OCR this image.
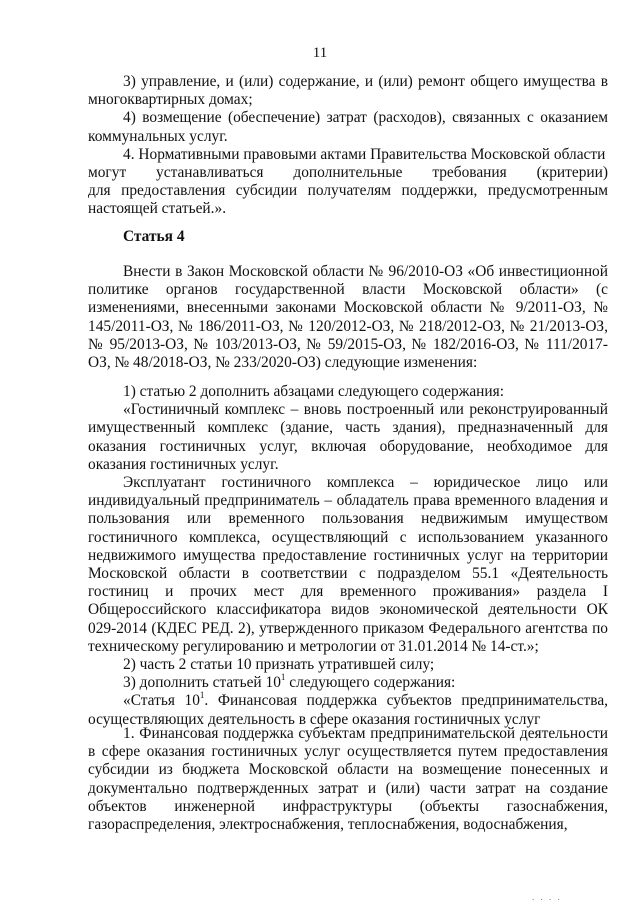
11
3) управление, и (или) содержание, и (или) ремонт общего имущества в многоквартирных домах;
4) возмещение (обеспечение) затрат (расходов), связанных с оказанием коммунальных услуг.
4. Нормативными правовыми актами Правительства Московской области
могут устанавливаться дополнительные требования (критерии)
для предоставления субсидии получателям поддержки, предусмотренным настоящей статьей.».
Статья 4
Внести в Закон Московской области № 96/2010-ОЗ «Об инвестиционной политике органов государственной власти Московской области» (с изменениями, внесенными законами Московской области № 9/2011-ОЗ, № 145/2011-ОЗ, № 186/2011-ОЗ, № 120/2012-ОЗ, № 218/2012-ОЗ, № 21/2013-ОЗ, № 95/2013-ОЗ, № 103/2013-ОЗ, № 59/2015-ОЗ, № 182/2016-ОЗ, № 111/2017-ОЗ, № 48/2018-ОЗ, № 233/2020-ОЗ) следующие изменения:
1) статью 2 дополнить абзацами следующего содержания:
«Гостиничный комплекс – вновь построенный или реконструированный имущественный комплекс (здание, часть здания), предназначенный для оказания гостиничных услуг, включая оборудование, необходимое для оказания гостиничных услуг.
Эксплуатант гостиничного комплекса – юридическое лицо или индивидуальный предприниматель – обладатель права временного владения и пользования или временного пользования недвижимым имуществом гостиничного комплекса, осуществляющий с использованием указанного недвижимого имущества предоставление гостиничных услуг на территории Московской области в соответствии с подразделом 55.1 «Деятельность гостиниц и прочих мест для временного проживания» раздела I Общероссийского классификатора видов экономической деятельности ОК 029-2014 (КДЕС РЕД. 2), утвержденного приказом Федерального агентства по техническому регулированию и метрологии от 31.01.2014 № 14-ст.»;
2) часть 2 статьи 10 признать утратившей силу;
3) дополнить статьей $10^1$ следующего содержания:
«Статья $10^1$. Финансовая поддержка субъектов предпринимательства, осуществляющих деятельность в сфере оказания гостиничных услуг
1. Финансовая поддержка субъектам предпринимательской деятельности в сфере оказания гостиничных услуг осуществляется путем предоставления субсидии из бюджета Московской области на возмещение понесенных и документально подтвержденных затрат и (или) части затрат на создание объектов инженерной инфраструктуры (объекты газоснабжения, газораспределения, электроснабжения, теплоснабжения, водоснабжения,
. . . .
